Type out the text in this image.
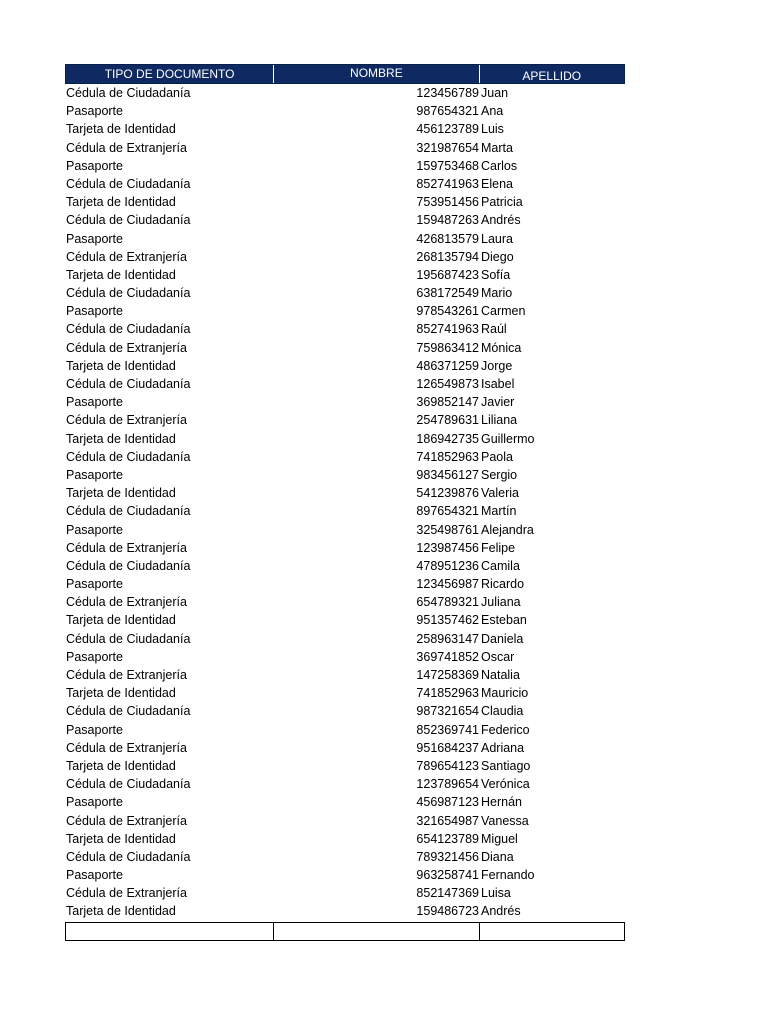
TIPO DE DOCUMENTO	NOMBRE	APELLIDO
Cédula de Ciudadanía	123456789 Juan
Pasaporte	987654321 Ana
Tarjeta de Identidad	456123789 Luis
Cédula de Extranjería	321987654 Marta
Pasaporte	159753468 Carlos
Cédula de Ciudadanía	852741963 Elena
Tarjeta de Identidad	753951456 Patricia
Cédula de Ciudadanía	159487263 Andrés
Pasaporte	426813579 Laura
Cédula de Extranjería	268135794 Diego
Tarjeta de Identidad	195687423 Sofía
Cédula de Ciudadanía	638172549 Mario
Pasaporte	978543261 Carmen
Cédula de Ciudadanía	852741963 Raúl
Cédula de Extranjería	759863412 Mónica
Tarjeta de Identidad	486371259 Jorge
Cédula de Ciudadanía	126549873 Isabel
Pasaporte	369852147 Javier
Cédula de Extranjería	254789631 Liliana
Tarjeta de Identidad	186942735 Guillermo
Cédula de Ciudadanía	741852963 Paola
Pasaporte	983456127 Sergio
Tarjeta de Identidad	541239876 Valeria
Cédula de Ciudadanía	897654321 Martín
Pasaporte	325498761 Alejandra
Cédula de Extranjería	123987456 Felipe
Cédula de Ciudadanía	478951236 Camila
Pasaporte	123456987 Ricardo
Cédula de Extranjería	654789321 Juliana
Tarjeta de Identidad	951357462 Esteban
Cédula de Ciudadanía	258963147 Daniela
Pasaporte	369741852 Oscar
Cédula de Extranjería	147258369 Natalia
Tarjeta de Identidad	741852963 Mauricio
Cédula de Ciudadanía	987321654 Claudia
Pasaporte	852369741 Federico
Cédula de Extranjería	951684237 Adriana
Tarjeta de Identidad	789654123 Santiago
Cédula de Ciudadanía	123789654 Verónica
Pasaporte	456987123 Hernán
Cédula de Extranjería	321654987 Vanessa
Tarjeta de Identidad	654123789 Miguel
Cédula de Ciudadanía	789321456 Diana
Pasaporte	963258741 Fernando
Cédula de Extranjería	852147369 Luisa
Tarjeta de Identidad	159486723 Andrés
